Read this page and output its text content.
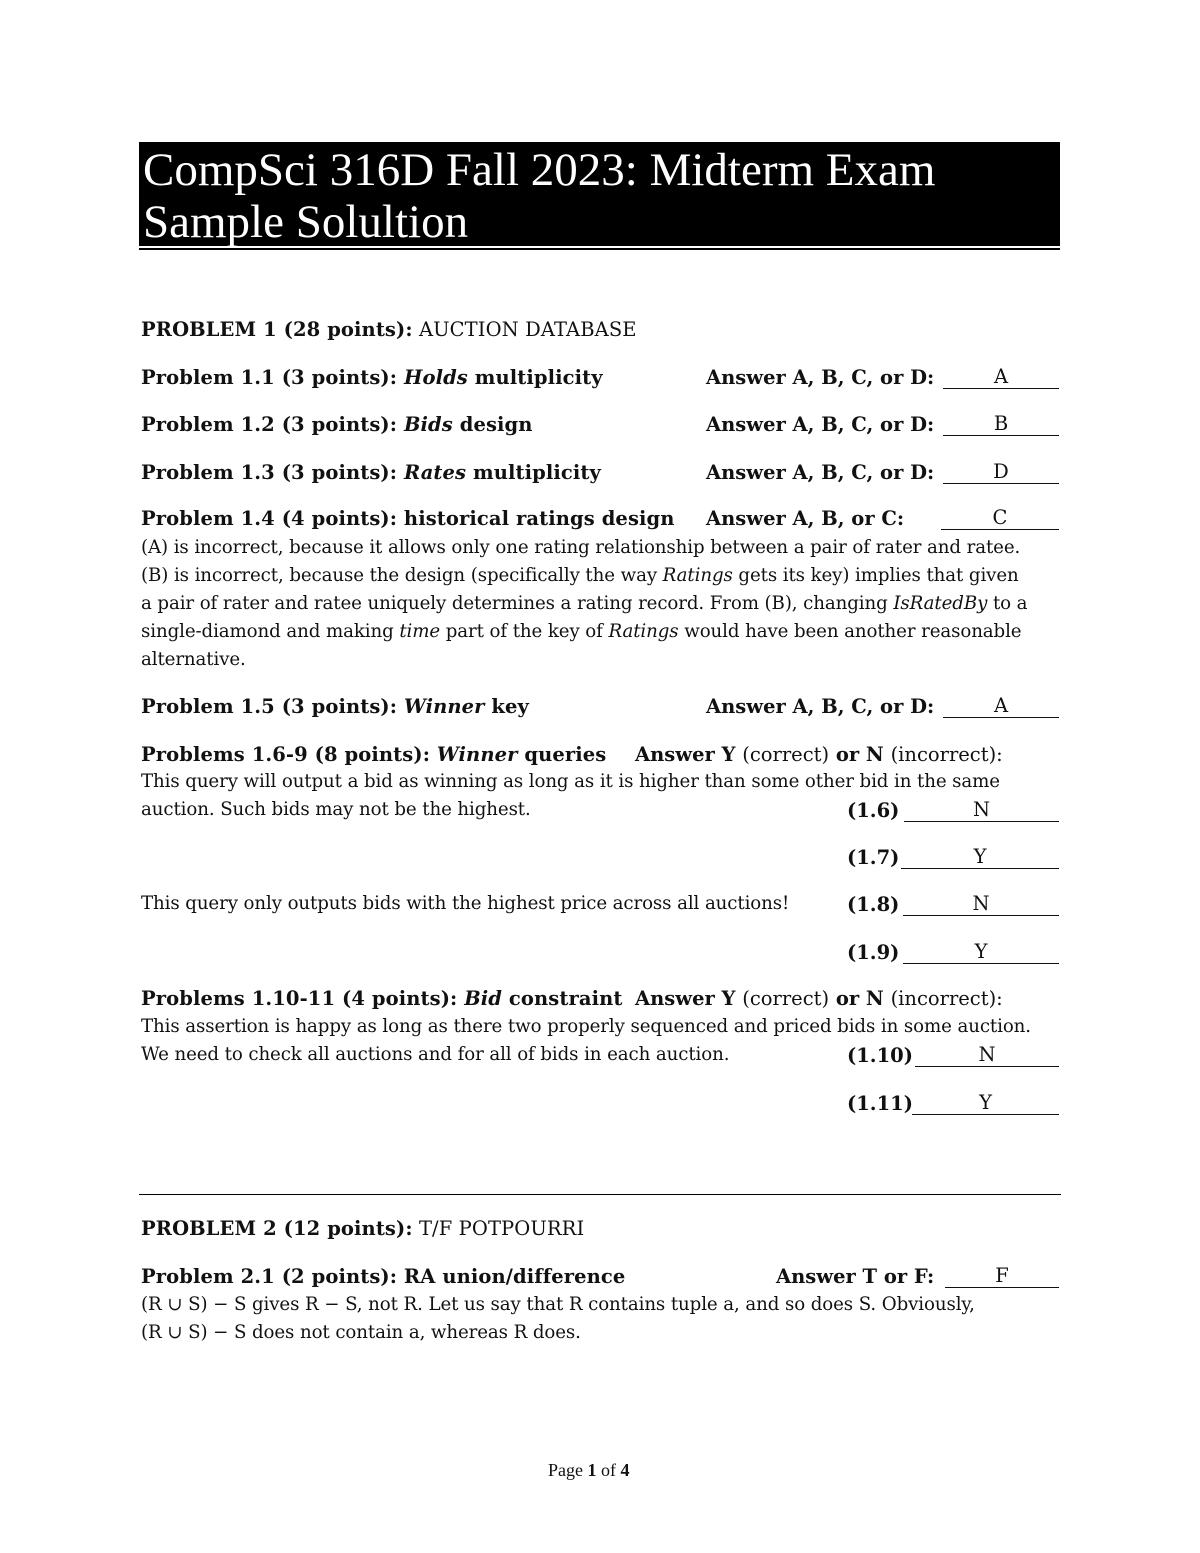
CompSci 316D Fall 2023: Midterm Exam
Sample Solultion
PROBLEM 1 (28 points): AUCTION DATABASE
Problem 1.1 (3 points): Holds multiplicity	Answer A, B, C, or D:	A
Problem 1.2 (3 points): Bids design	Answer A, B, C, or D:	B
Problem 1.3 (3 points): Rates multiplicity	Answer A, B, C, or D:	D
Problem 1.4 (4 points): historical ratings design Answer A, B, or C:	C
(A) is incorrect, because it allows only one rating relationship between a pair of rater and ratee.
(B) is incorrect, because the design (specifically the way Ratings gets its key) implies that given
a pair of rater and ratee uniquely determines a rating record. From (B), changing IsRatedBy to a
single-diamond and making time part of the key of Ratings would have been another reasonable
alternative.
Problem 1.5 (3 points): Winner key	Answer A, B, C, or D:	A
Problems 1.6-9 (8 points): Winner queries Answer Y (correct) or N (incorrect):
This query will output a bid as winning as long as it is higher than some other bid in the same
auction. Such bids may not be the highest.	(1.6)	N
(1.7)	Y
This query only outputs bids with the highest price across all auctions!	(1.8)	N
(1.9)	Y
Problems 1.10-11 (4 points): Bid constraint Answer Y (correct) or N (incorrect):
This assertion is happy as long as there two properly sequenced and priced bids in some auction.
We need to check all auctions and for all of bids in each auction.	(1.10)	N
(1.11)	Y
PROBLEM 2 (12 points): T/F POTPOURRI
Problem 2.1 (2 points): RA union/difference	Answer T or F:	F
(R ∪ S) − S gives R − S, not R. Let us say that R contains tuple a, and so does S. Obviously,
(R ∪ S) − S does not contain a, whereas R does.
Page 1 of 4
